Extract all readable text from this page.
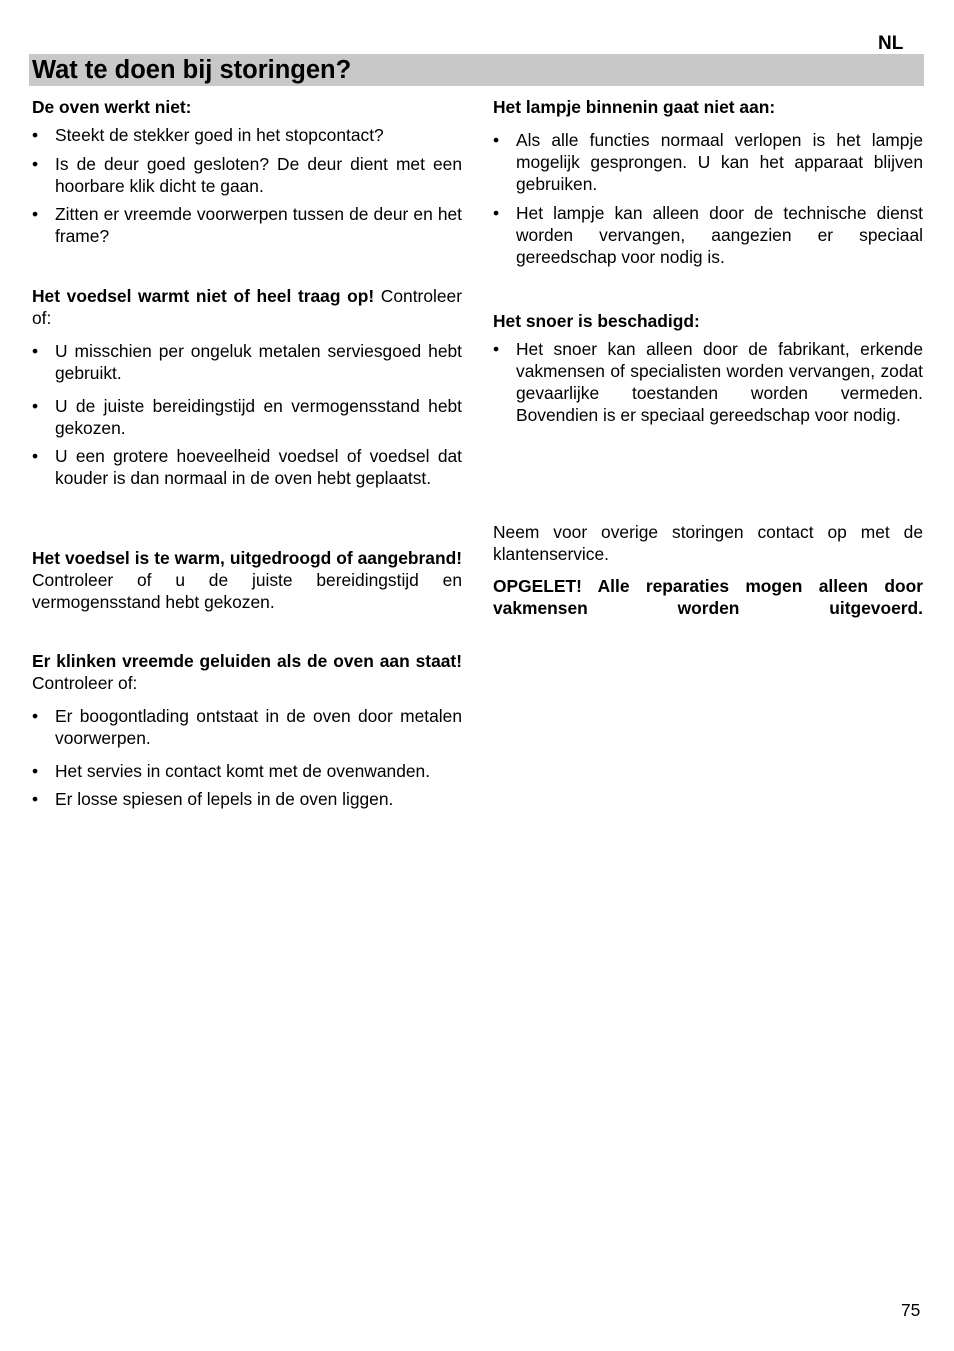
NL
Wat te doen bij storingen?

De oven werkt niet:

• Steekt de stekker goed in het stopcontact?
• Is de deur goed gesloten? De deur dient met een hoorbare klik dicht te gaan.
• Zitten er vreemde voorwerpen tussen de deur en het frame?

Het voedsel warmt niet of heel traag op! Controleer of:

• U misschien per ongeluk metalen serviesgoed hebt gebruikt.
• U de juiste bereidingstijd en vermogensstand hebt gekozen.
• U een grotere hoeveelheid voedsel of voedsel dat kouder is dan normaal in de oven hebt geplaatst.

Het voedsel is te warm, uitgedroogd of aangebrand! Controleer of u de juiste bereidingstijd en vermogensstand hebt gekozen.

Er klinken vreemde geluiden als de oven aan staat! Controleer of:

• Er boogontlading ontstaat in de oven door metalen voorwerpen.
• Het servies in contact komt met de ovenwanden.
• Er losse spiesen of lepels in de oven liggen.

Het lampje binnenin gaat niet aan:

• Als alle functies normaal verlopen is het lampje mogelijk gesprongen. U kan het apparaat blijven gebruiken.
• Het lampje kan alleen door de technische dienst worden vervangen, aangezien er speciaal gereedschap voor nodig is.

Het snoer is beschadigd:

• Het snoer kan alleen door de fabrikant, erkende vakmensen of specialisten worden vervangen, zodat gevaarlijke toestanden worden vermeden. Bovendien is er speciaal gereedschap voor nodig.

Neem voor overige storingen contact op met de klantenservice.

OPGELET! Alle reparaties mogen alleen door vakmensen worden uitgevoerd.

75
